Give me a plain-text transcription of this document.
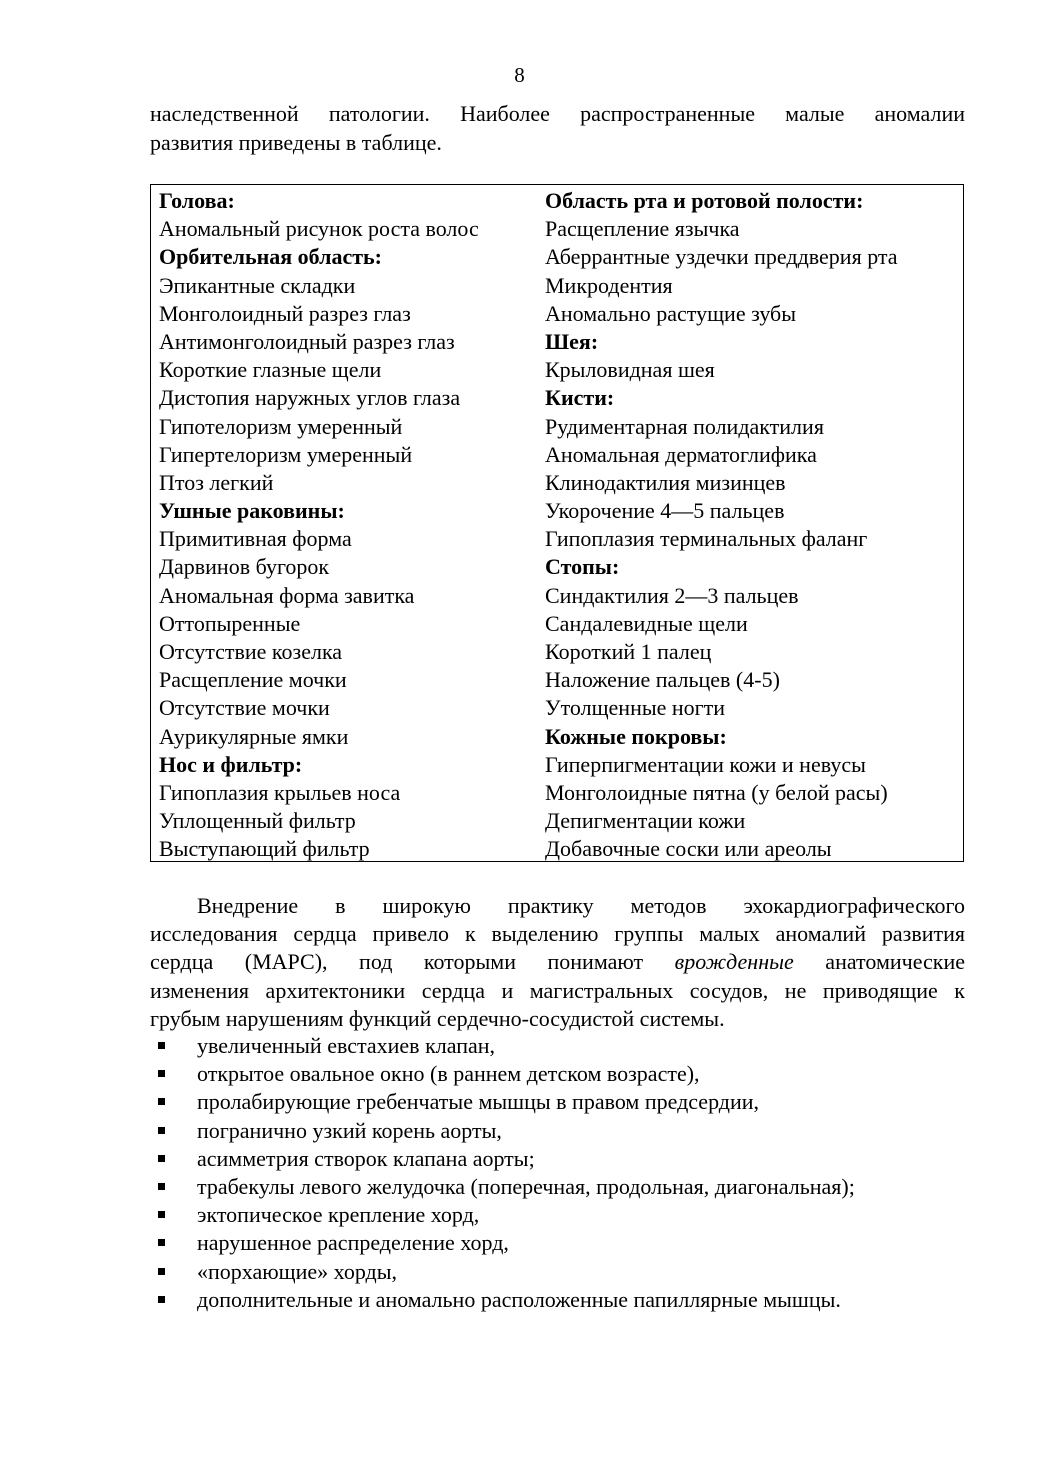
8
наследственной патологии. Наиболее распространенные малые аномалии
развития приведены в таблице.
Голова:
Аномальный рисунок роста волос
Орбительная область:
Эпикантные складки
Монголоидный разрез глаз
Антимонголоидный разрез глаз
Короткие глазные щели
Дистопия наружных углов глаза
Гипотелоризм умеренный
Гипертелоризм умеренный
Птоз легкий
Ушные раковины:
Примитивная форма
Дарвинов бугорок
Аномальная форма завитка
Оттопыренные
Отсутствие козелка
Расщепление мочки
Отсутствие мочки
Аурикулярные ямки
Нос и фильтр:
Гипоплазия крыльев носа
Уплощенный фильтр
Выступающий фильтр
Область рта и ротовой полости:
Расщепление язычка
Аберрантные уздечки преддверия рта
Микродентия
Аномально растущие зубы
Шея:
Крыловидная шея
Кисти:
Рудиментарная полидактилия
Аномальная дерматоглифика
Клинодактилия мизинцев
Укорочение 4—5 пальцев
Гипоплазия терминальных фаланг
Стопы:
Синдактилия 2—3 пальцев
Сандалевидные щели
Короткий 1 палец
Наложение пальцев (4-5)
Утолщенные ногти
Кожные покровы:
Гиперпигментации кожи и невусы
Монголоидные пятна (у белой расы)
Депигментации кожи
Добавочные соски или ареолы
Внедрение в широкую практику методов эхокардиографического
исследования сердца привело к выделению группы малых аномалий развития
сердца (МАРС), под которыми понимают врожденные анатомические
изменения архитектоники сердца и магистральных сосудов, не приводящие к
грубым нарушениям функций сердечно-сосудистой системы.
увеличенный евстахиев клапан,
открытое овальное окно (в раннем детском возрасте),
пролабирующие гребенчатые мышцы в правом предсердии,
погранично узкий корень аорты,
асимметрия створок клапана аорты;
трабекулы левого желудочка (поперечная, продольная, диагональная);
эктопическое крепление хорд,
нарушенное распределение хорд,
«порхающие» хорды,
дополнительные и аномально расположенные папиллярные мышцы.
